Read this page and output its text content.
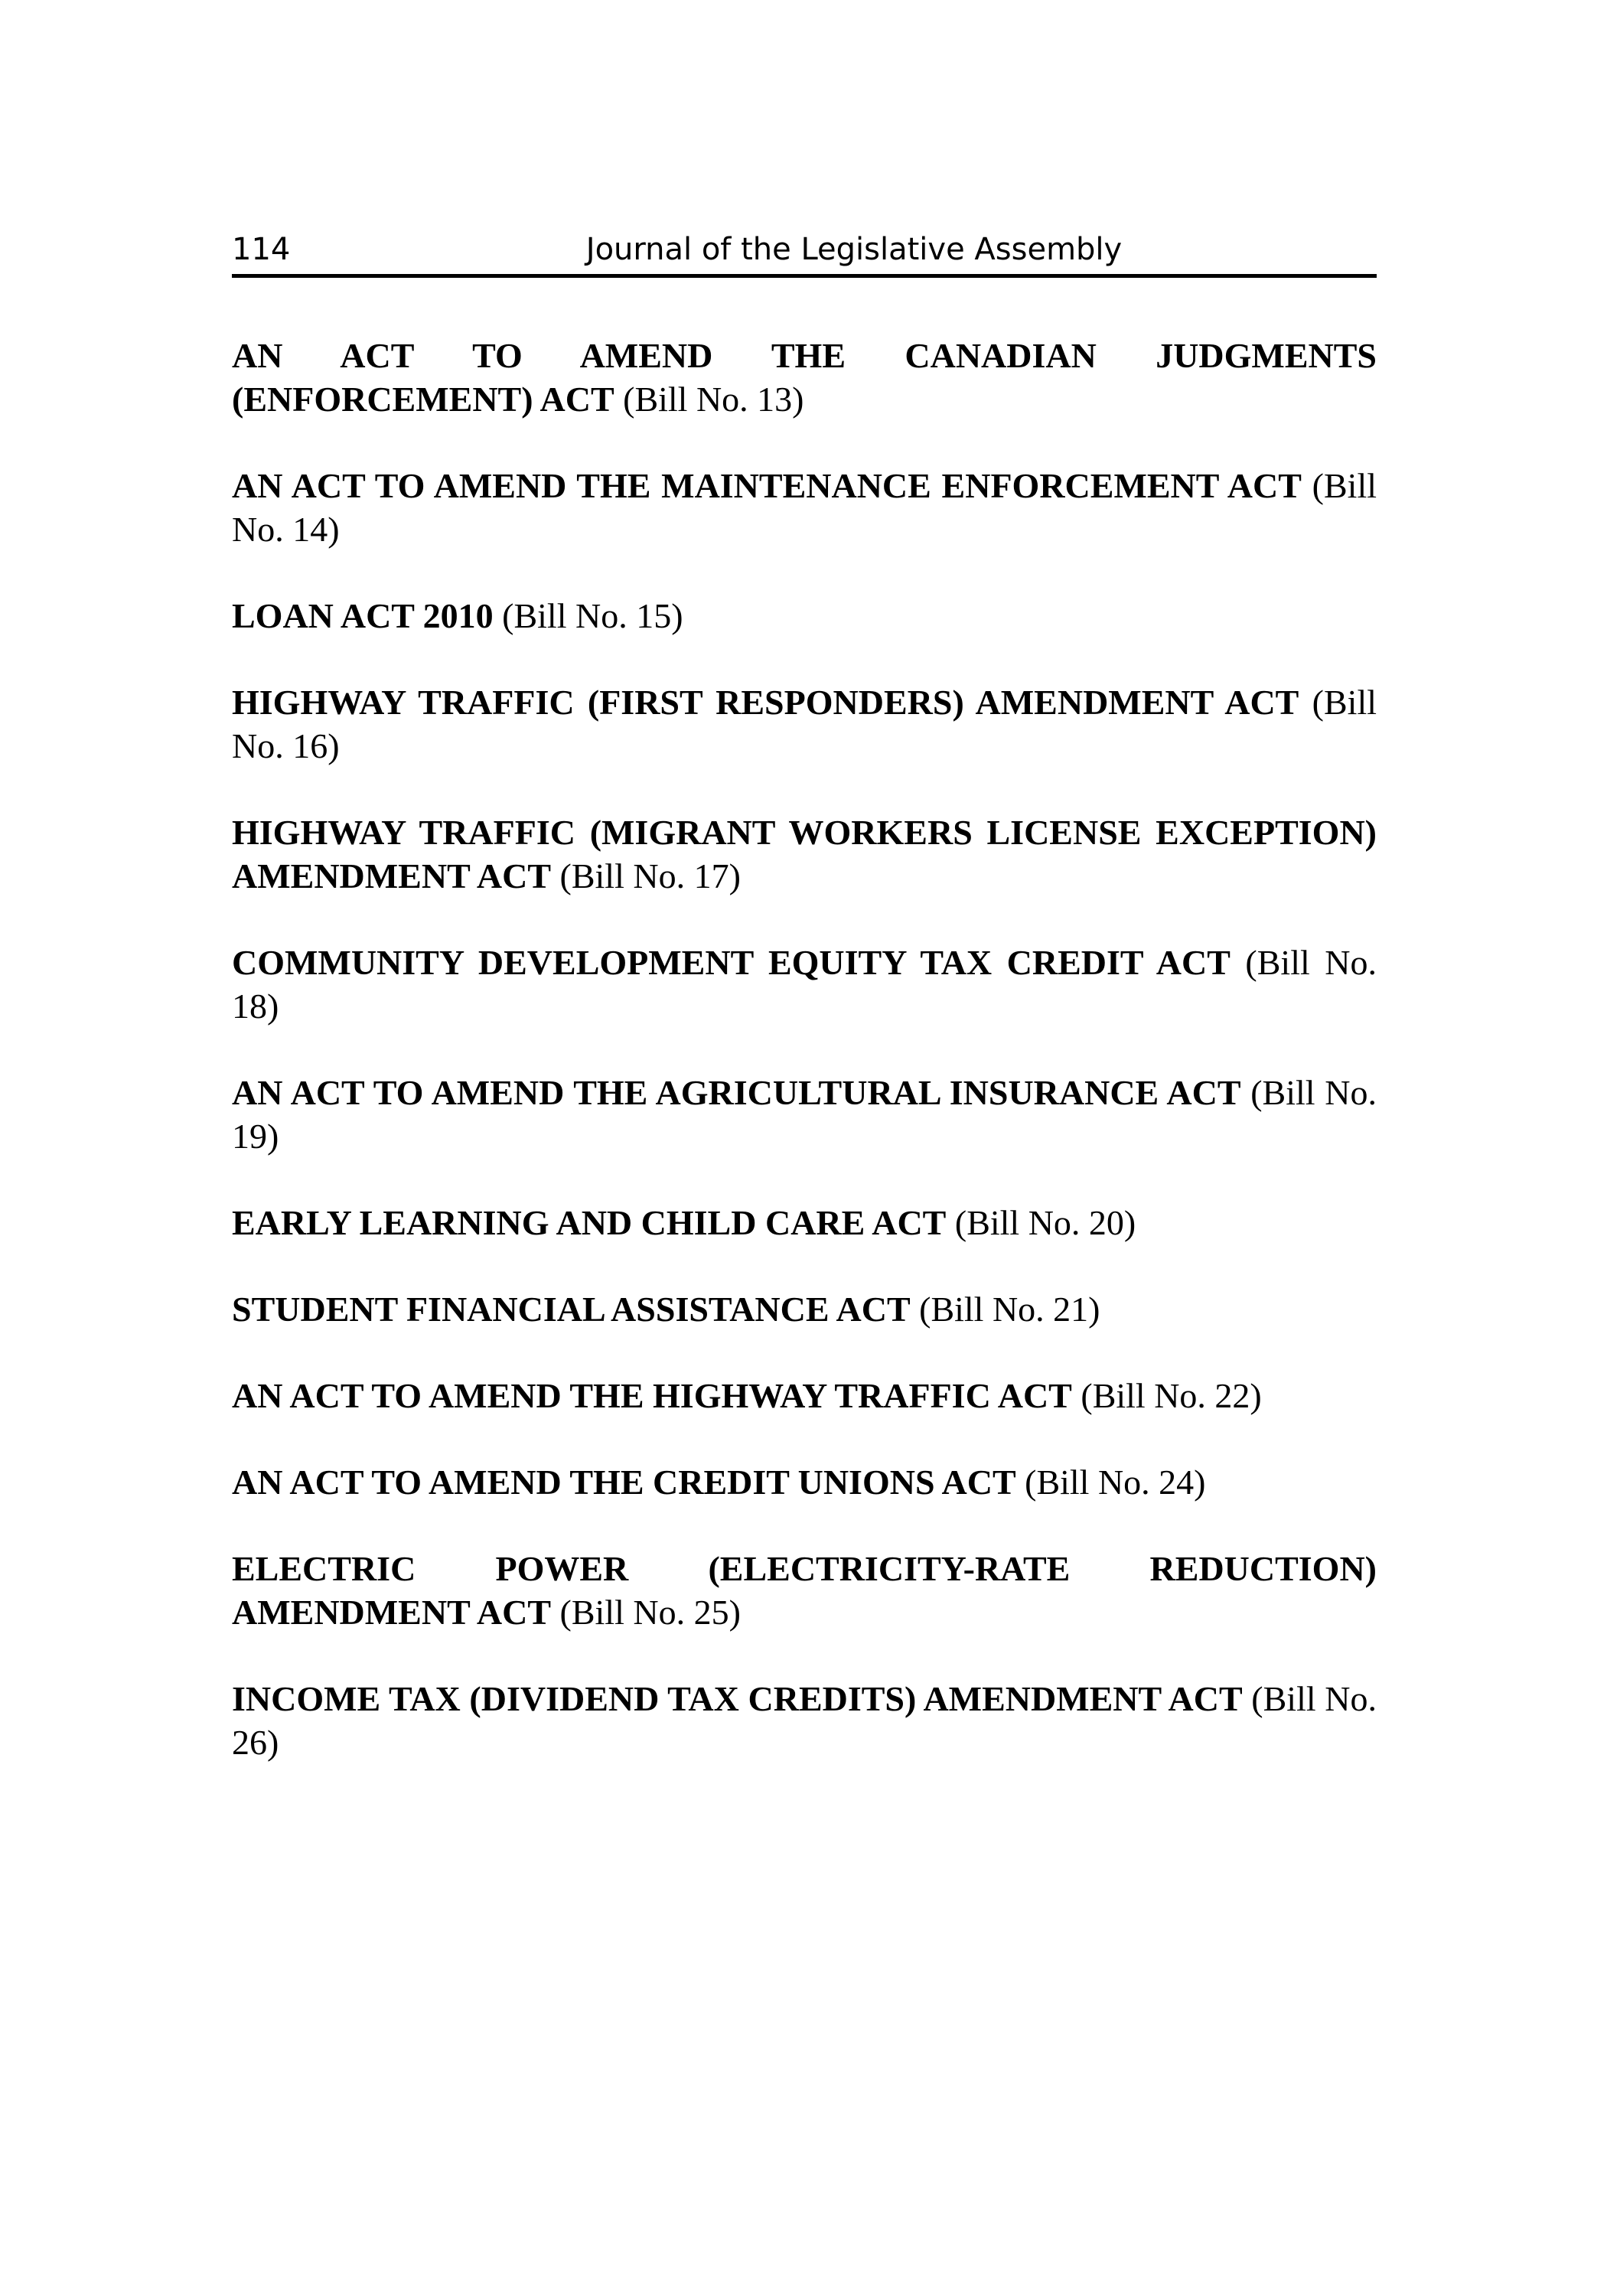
114	Journal of the Legislative Assembly

AN ACT TO AMEND THE CANADIAN JUDGMENTS (ENFORCEMENT) ACT (Bill No. 13)

AN ACT TO AMEND THE MAINTENANCE ENFORCEMENT ACT (Bill No. 14)

LOAN ACT 2010 (Bill No. 15)

HIGHWAY TRAFFIC (FIRST RESPONDERS) AMENDMENT ACT (Bill No. 16)

HIGHWAY TRAFFIC (MIGRANT WORKERS LICENSE EXCEPTION) AMENDMENT ACT (Bill No. 17)

COMMUNITY DEVELOPMENT EQUITY TAX CREDIT ACT (Bill No. 18)

AN ACT TO AMEND THE AGRICULTURAL INSURANCE ACT (Bill No. 19)

EARLY LEARNING AND CHILD CARE ACT (Bill No. 20)

STUDENT FINANCIAL ASSISTANCE ACT (Bill No. 21)

AN ACT TO AMEND THE HIGHWAY TRAFFIC ACT (Bill No. 22)

AN ACT TO AMEND THE CREDIT UNIONS ACT (Bill No. 24)

ELECTRIC POWER (ELECTRICITY-RATE REDUCTION) AMENDMENT ACT (Bill No. 25)

INCOME TAX (DIVIDEND TAX CREDITS) AMENDMENT ACT (Bill No. 26)
